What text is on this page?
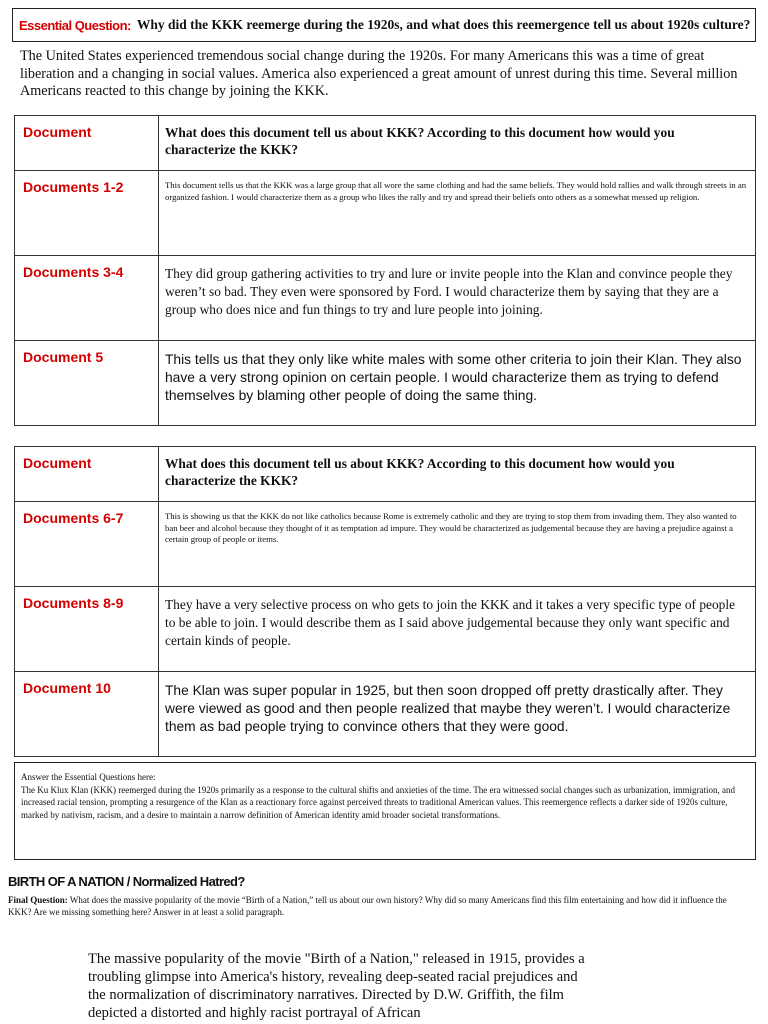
Essential Question: Why did the KKK reemerge during the 1920s, and what does this reemergence tell us about 1920s culture?
The United States experienced tremendous social change during the 1920s. For many Americans this was a time of great liberation and a changing in social values. America also experienced a great amount of unrest during this time. Several million Americans reacted to this change by joining the KKK.
Document	What does this document tell us about KKK? According to this document how would you characterize the KKK?
Documents 1-2	This document tells us that the KKK was a large group that all wore the same clothing and had the same beliefs. They would hold rallies and walk through streets in an organized fashion. I would characterize them as a group who likes the rally and try and spread their beliefs onto others as a somewhat messed up religion.
Documents 3-4	They did group gathering activities to try and lure or invite people into the Klan and convince people they weren’t so bad. They even were sponsored by Ford. I would characterize them by saying that they are a group who does nice and fun things to try and lure people into joining.
Document 5	This tells us that they only like white males with some other criteria to join their Klan. They also have a very strong opinion on certain people. I would characterize them as trying to defend themselves by blaming other people of doing the same thing.
Document	What does this document tell us about KKK? According to this document how would you characterize the KKK?
Documents 6-7	This is showing us that the KKK do not like catholics because Rome is extremely catholic and they are trying to stop them from invading them. They also wanted to ban beer and alcohol because they thought of it as temptation ad impure. They would be characterized as judgemental because they are having a prejudice against a certain group of people or items.
Documents 8-9	They have a very selective process on who gets to join the KKK and it takes a very specific type of people to be able to join. I would describe them as I said above judgemental because they only want specific and certain kinds of people.
Document 10	The Klan was super popular in 1925, but then soon dropped off pretty drastically after. They were viewed as good and then people realized that maybe they weren’t. I would characterize them as bad people trying to convince others that they were good.
Answer the Essential Questions here:
The Ku Klux Klan (KKK) reemerged during the 1920s primarily as a response to the cultural shifts and anxieties of the time. The era witnessed social changes such as urbanization, immigration, and increased racial tension, prompting a resurgence of the Klan as a reactionary force against perceived threats to traditional American values. This reemergence reflects a darker side of 1920s culture, marked by nativism, racism, and a desire to maintain a narrow definition of American identity amid broader societal transformations.
BIRTH OF A NATION / Normalized Hatred?
Final Question: What does the massive popularity of the movie “Birth of a Nation,” tell us about our own history? Why did so many Americans find this film entertaining and how did it influence the KKK? Are we missing something here? Answer in at least a solid paragraph.
The massive popularity of the movie "Birth of a Nation," released in 1915, provides a troubling glimpse into America's history, revealing deep-seated racial prejudices and the normalization of discriminatory narratives. Directed by D.W. Griffith, the film depicted a distorted and highly racist portrayal of African
